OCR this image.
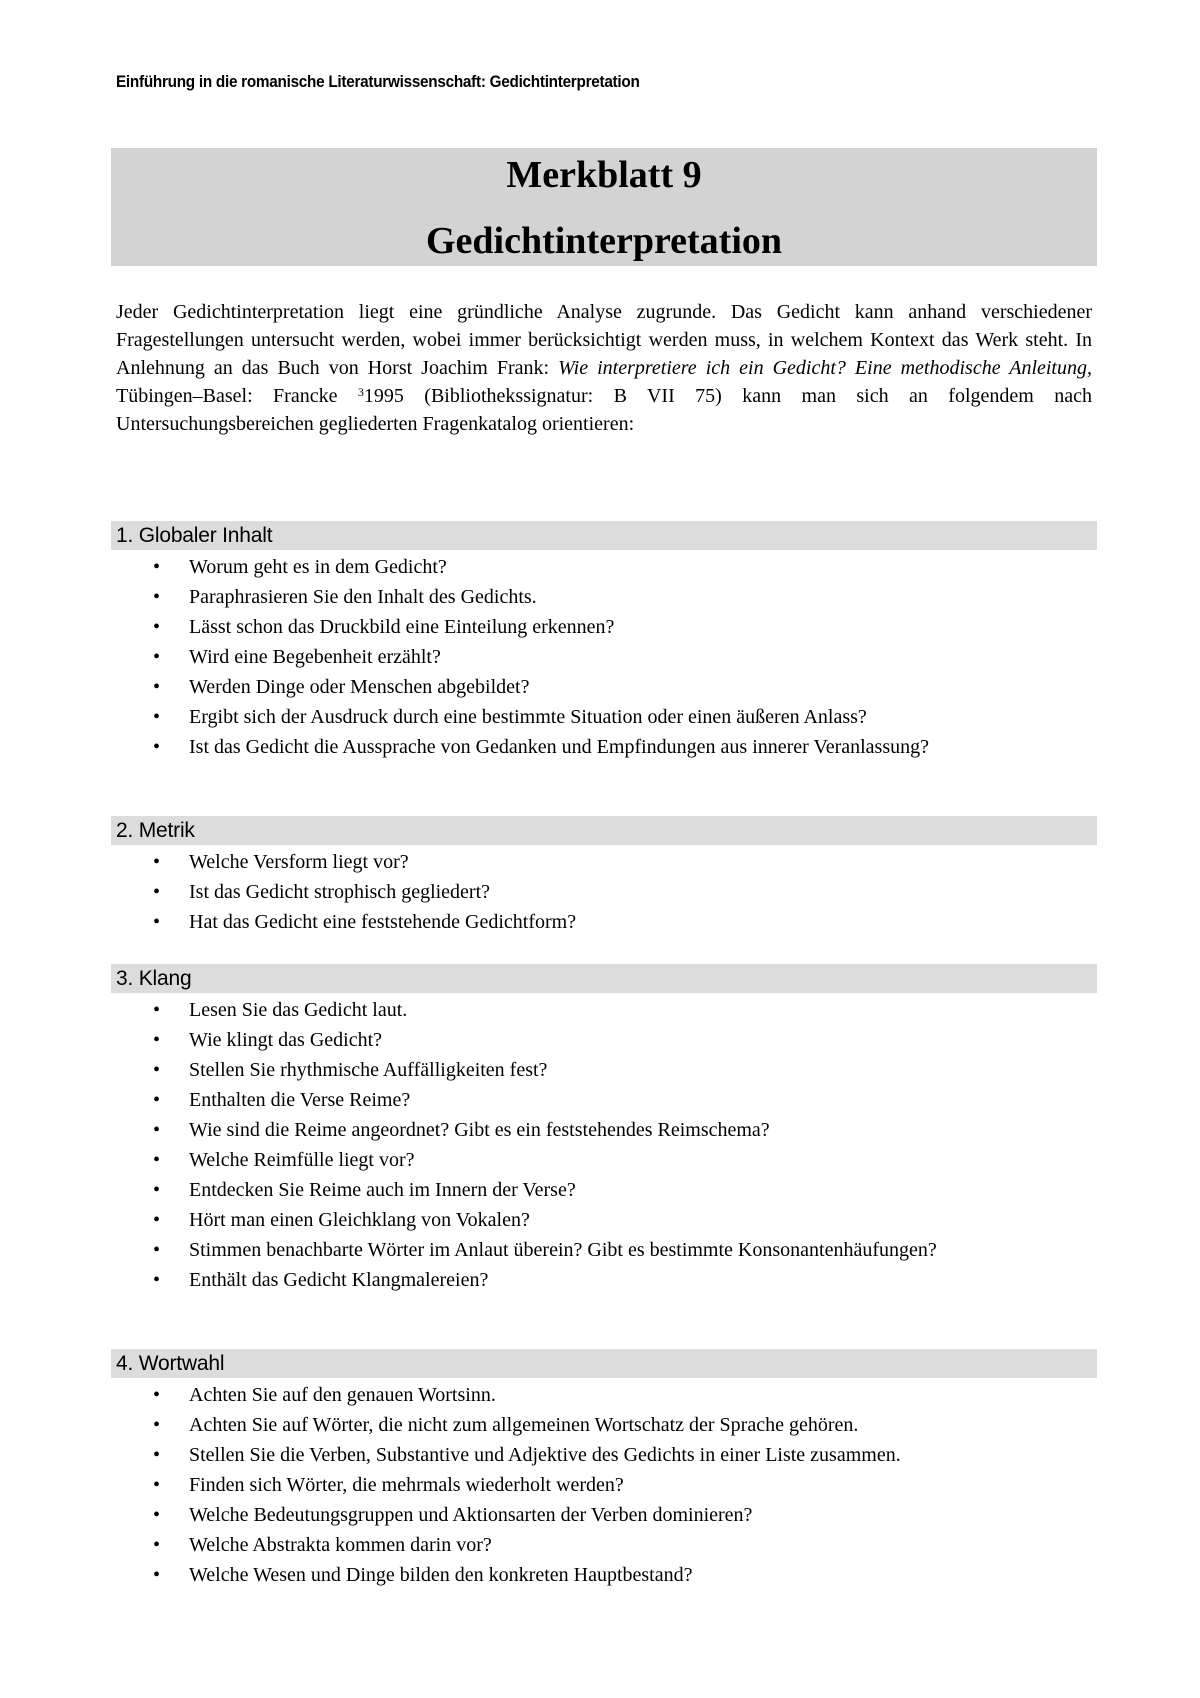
Einführung in die romanische Literaturwissenschaft: Gedichtinterpretation
Merkblatt 9
Gedichtinterpretation
Jeder Gedichtinterpretation liegt eine gründliche Analyse zugrunde. Das Gedicht kann anhand verschiedener Fragestellungen untersucht werden, wobei immer berücksichtigt werden muss, in welchem Kontext das Werk steht. In Anlehnung an das Buch von Horst Joachim Frank: Wie interpretiere ich ein Gedicht? Eine methodische Anleitung, Tübingen–Basel: Francke $^3$1995 (Bibliothekssignatur: B VII 75) kann man sich an folgendem nach Untersuchungsbereichen gegliederten Fragenkatalog orientieren:
1. Globaler Inhalt
• Worum geht es in dem Gedicht?
• Paraphrasieren Sie den Inhalt des Gedichts.
• Lässt schon das Druckbild eine Einteilung erkennen?
• Wird eine Begebenheit erzählt?
• Werden Dinge oder Menschen abgebildet?
• Ergibt sich der Ausdruck durch eine bestimmte Situation oder einen äußeren Anlass?
• Ist das Gedicht die Aussprache von Gedanken und Empfindungen aus innerer Veranlassung?
2. Metrik
• Welche Versform liegt vor?
• Ist das Gedicht strophisch gegliedert?
• Hat das Gedicht eine feststehende Gedichtform?
3. Klang
• Lesen Sie das Gedicht laut.
• Wie klingt das Gedicht?
• Stellen Sie rhythmische Auffälligkeiten fest?
• Enthalten die Verse Reime?
• Wie sind die Reime angeordnet? Gibt es ein feststehendes Reimschema?
• Welche Reimfülle liegt vor?
• Entdecken Sie Reime auch im Innern der Verse?
• Hört man einen Gleichklang von Vokalen?
• Stimmen benachbarte Wörter im Anlaut überein? Gibt es bestimmte Konsonantenhäufungen?
• Enthält das Gedicht Klangmalereien?
4. Wortwahl
• Achten Sie auf den genauen Wortsinn.
• Achten Sie auf Wörter, die nicht zum allgemeinen Wortschatz der Sprache gehören.
• Stellen Sie die Verben, Substantive und Adjektive des Gedichts in einer Liste zusammen.
• Finden sich Wörter, die mehrmals wiederholt werden?
• Welche Bedeutungsgruppen und Aktionsarten der Verben dominieren?
• Welche Abstrakta kommen darin vor?
• Welche Wesen und Dinge bilden den konkreten Hauptbestand?
